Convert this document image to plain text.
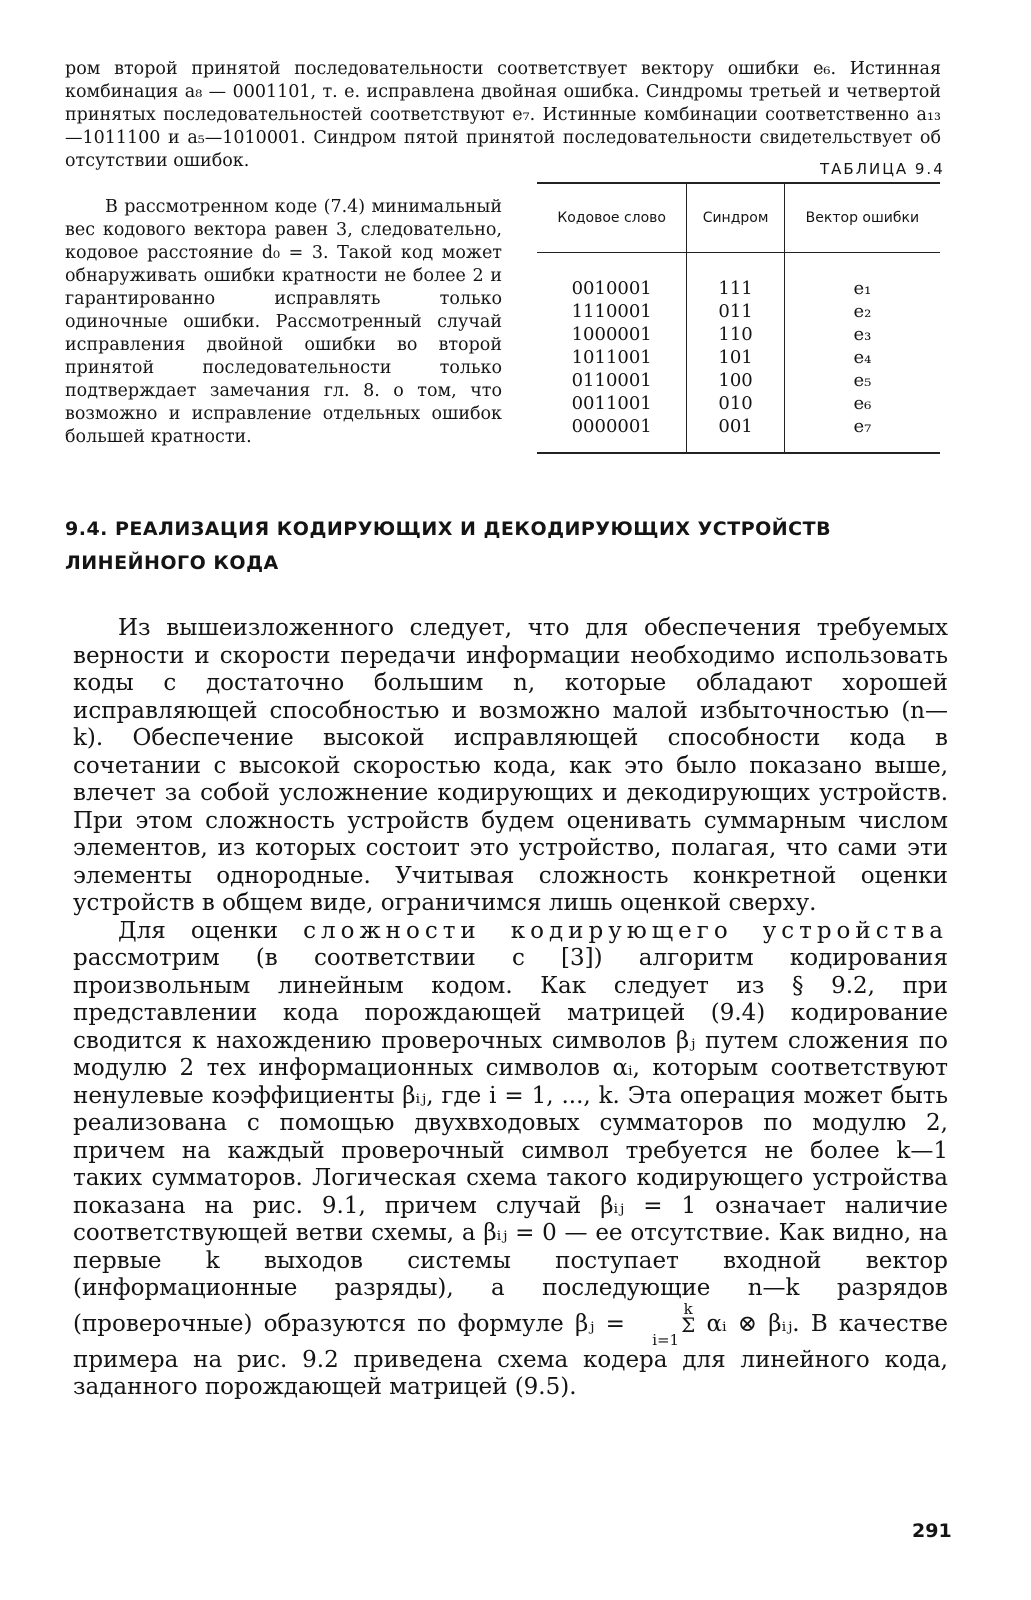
ром второй принятой последовательности соответствует вектору ошибки e₆. Истинная комбинация a₈ — 0001101, т. е. исправлена двойная ошибка. Синдромы третьей и четвертой принятых последовательностей соответствуют e₇. Истинные комбинации соответственно a₁₃—1011100 и a₅—1010001. Синдром пятой принятой последовательности свидетельствует об отсутствии ошибок.

В рассмотренном коде (7.4) минимальный вес кодового вектора равен 3, следовательно, кодовое расстояние d₀ = 3. Такой код может обнаруживать ошибки кратности не более 2 и гарантированно исправлять только одиночные ошибки. Рассмотренный случай исправления двойной ошибки во второй принятой последовательности только подтверждает замечания гл. 8. о том, что возможно и исправление отдельных ошибок большей кратности.

ТАБЛИЦА 9.4
Кодовое слово	Синдром	Вектор ошибки
0010001	111	e₁
1110001	011	e₂
1000001	110	e₃
1011001	101	e₄
0110001	100	e₅
0011001	010	e₆
0000001	001	e₇
9.4. РЕАЛИЗАЦИЯ КОДИРУЮЩИХ И ДЕКОДИРУЮЩИХ УСТРОЙСТВ
ЛИНЕЙНОГО КОДА

Из вышеизложенного следует, что для обеспечения требуемых верности и скорости передачи информации необходимо использовать коды с достаточно большим n, которые обладают хорошей исправляющей способностью и возможно малой избыточностью (n—k). Обеспечение высокой исправляющей способности кода в сочетании с высокой скоростью кода, как это было показано выше, влечет за собой усложнение кодирующих и декодирующих устройств. При этом сложность устройств будем оценивать суммарным числом элементов, из которых состоит это устройство, полагая, что сами эти элементы однородные. Учитывая сложность конкретной оценки устройств в общем виде, ограничимся лишь оценкой сверху.

Для оценки сложности кодирующего устройства рассмотрим (в соответствии с [3]) алгоритм кодирования произвольным линейным кодом. Как следует из § 9.2, при представлении кода порождающей матрицей (9.4) кодирование сводится к нахождению проверочных символов βⱼ путем сложения по модулю 2 тех информационных символов αᵢ, которым соответствуют ненулевые коэффициенты βᵢⱼ, где i = 1, ..., k. Эта операция может быть реализована с помощью двухвходовых сумматоров по модулю 2, причем на каждый проверочный символ требуется не более k—1 таких сумматоров. Логическая схема такого кодирующего устройства показана на рис. 9.1, причем случай βᵢⱼ = 1 означает наличие соответствующей ветви схемы, а βᵢⱼ = 0 — ее отсутствие. Как видно, на первые k выходов системы поступает входной вектор (информационные разряды), а последующие n—k разрядов (проверочные) образуются по формуле βⱼ = k
Σ
i=1 αᵢ ⊗ βᵢⱼ. В качестве примера на рис. 9.2 приведена схема кодера для линейного кода, заданного порождающей матрицей (9.5).

291
